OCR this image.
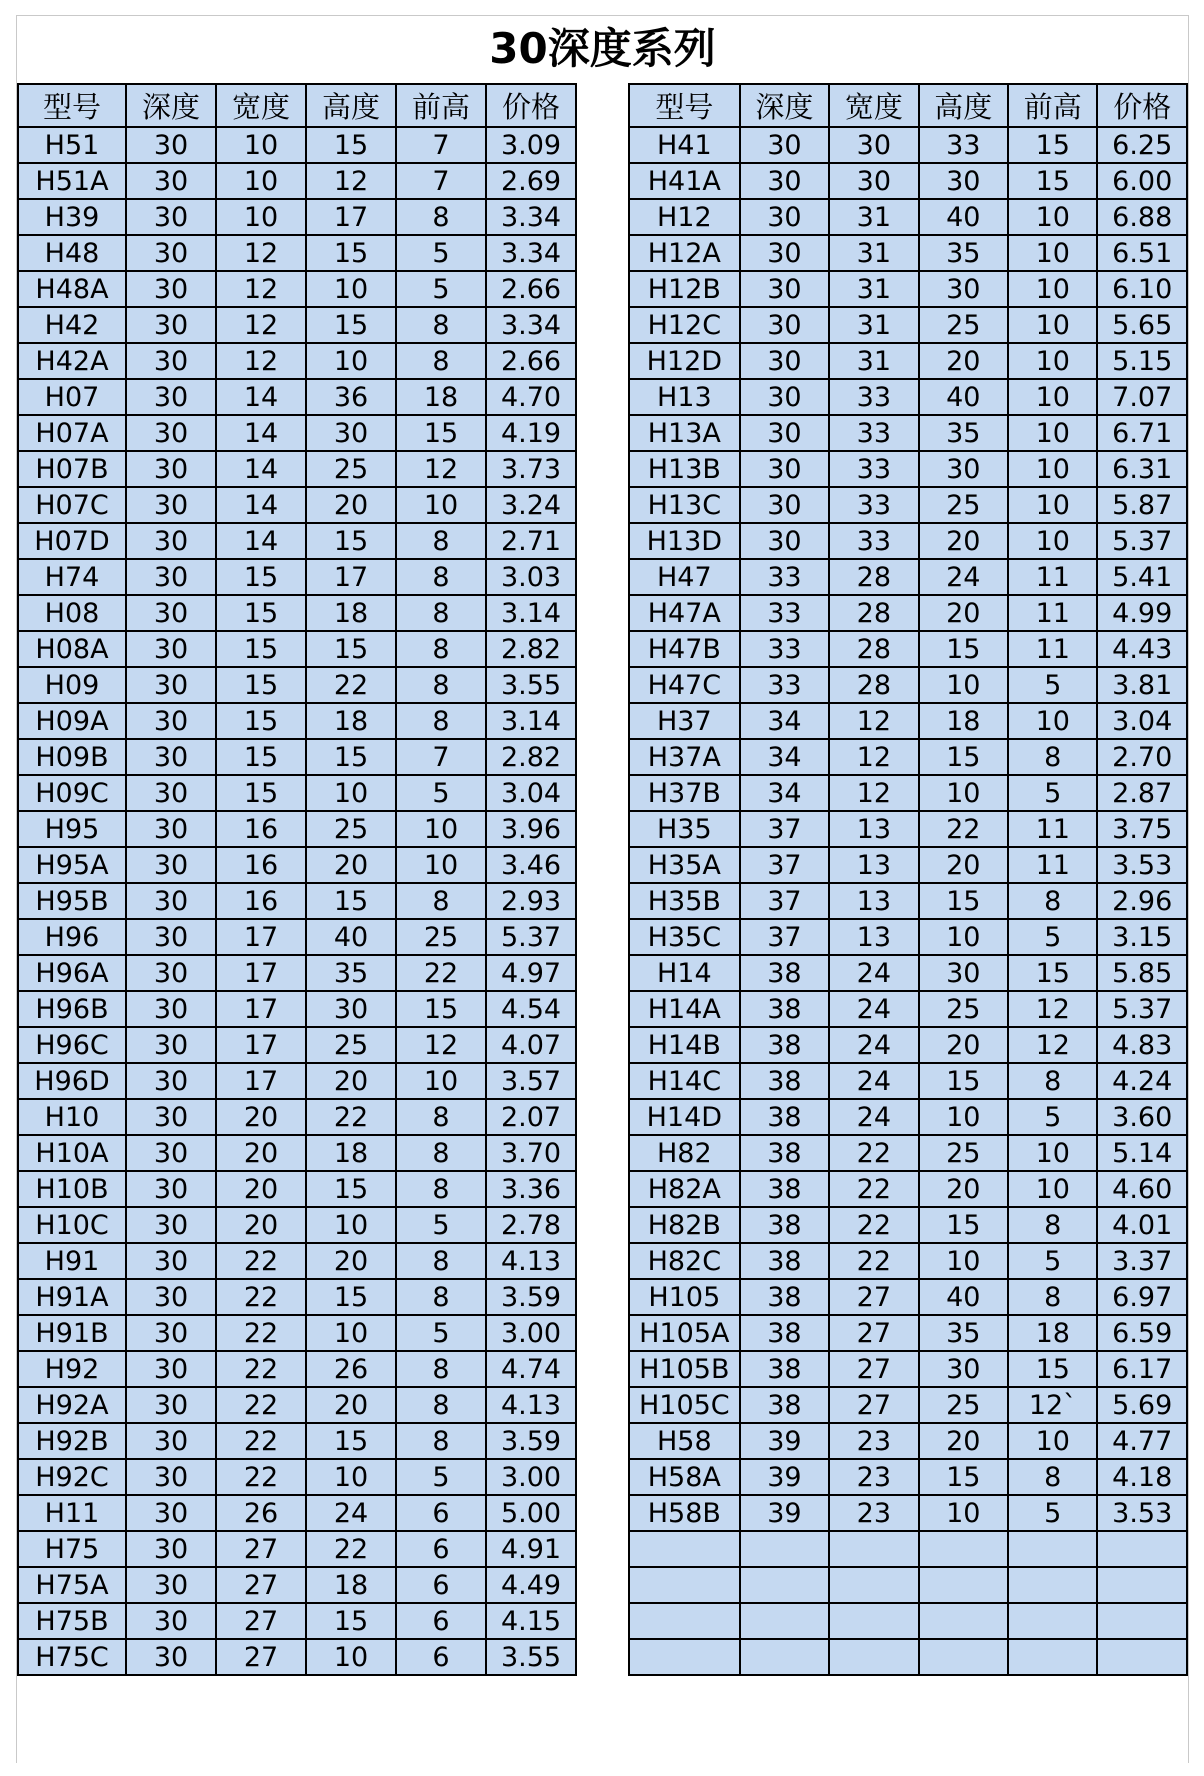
30深度系列
型号	深度	宽度	高度	前高	价格
H51	30	10	15	7	3.09
H51A	30	10	12	7	2.69
H39	30	10	17	8	3.34
H48	30	12	15	5	3.34
H48A	30	12	10	5	2.66
H42	30	12	15	8	3.34
H42A	30	12	10	8	2.66
H07	30	14	36	18	4.70
H07A	30	14	30	15	4.19
H07B	30	14	25	12	3.73
H07C	30	14	20	10	3.24
H07D	30	14	15	8	2.71
H74	30	15	17	8	3.03
H08	30	15	18	8	3.14
H08A	30	15	15	8	2.82
H09	30	15	22	8	3.55
H09A	30	15	18	8	3.14
H09B	30	15	15	7	2.82
H09C	30	15	10	5	3.04
H95	30	16	25	10	3.96
H95A	30	16	20	10	3.46
H95B	30	16	15	8	2.93
H96	30	17	40	25	5.37
H96A	30	17	35	22	4.97
H96B	30	17	30	15	4.54
H96C	30	17	25	12	4.07
H96D	30	17	20	10	3.57
H10	30	20	22	8	2.07
H10A	30	20	18	8	3.70
H10B	30	20	15	8	3.36
H10C	30	20	10	5	2.78
H91	30	22	20	8	4.13
H91A	30	22	15	8	3.59
H91B	30	22	10	5	3.00
H92	30	22	26	8	4.74
H92A	30	22	20	8	4.13
H92B	30	22	15	8	3.59
H92C	30	22	10	5	3.00
H11	30	26	24	6	5.00
H75	30	27	22	6	4.91
H75A	30	27	18	6	4.49
H75B	30	27	15	6	4.15
H75C	30	27	10	6	3.55
型号	深度	宽度	高度	前高	价格
H41	30	30	33	15	6.25
H41A	30	30	30	15	6.00
H12	30	31	40	10	6.88
H12A	30	31	35	10	6.51
H12B	30	31	30	10	6.10
H12C	30	31	25	10	5.65
H12D	30	31	20	10	5.15
H13	30	33	40	10	7.07
H13A	30	33	35	10	6.71
H13B	30	33	30	10	6.31
H13C	30	33	25	10	5.87
H13D	30	33	20	10	5.37
H47	33	28	24	11	5.41
H47A	33	28	20	11	4.99
H47B	33	28	15	11	4.43
H47C	33	28	10	5	3.81
H37	34	12	18	10	3.04
H37A	34	12	15	8	2.70
H37B	34	12	10	5	2.87
H35	37	13	22	11	3.75
H35A	37	13	20	11	3.53
H35B	37	13	15	8	2.96
H35C	37	13	10	5	3.15
H14	38	24	30	15	5.85
H14A	38	24	25	12	5.37
H14B	38	24	20	12	4.83
H14C	38	24	15	8	4.24
H14D	38	24	10	5	3.60
H82	38	22	25	10	5.14
H82A	38	22	20	10	4.60
H82B	38	22	15	8	4.01
H82C	38	22	10	5	3.37
H105	38	27	40	8	6.97
H105A	38	27	35	18	6.59
H105B	38	27	30	15	6.17
H105C	38	27	25	12`	5.69
H58	39	23	20	10	4.77
H58A	39	23	15	8	4.18
H58B	39	23	10	5	3.53
